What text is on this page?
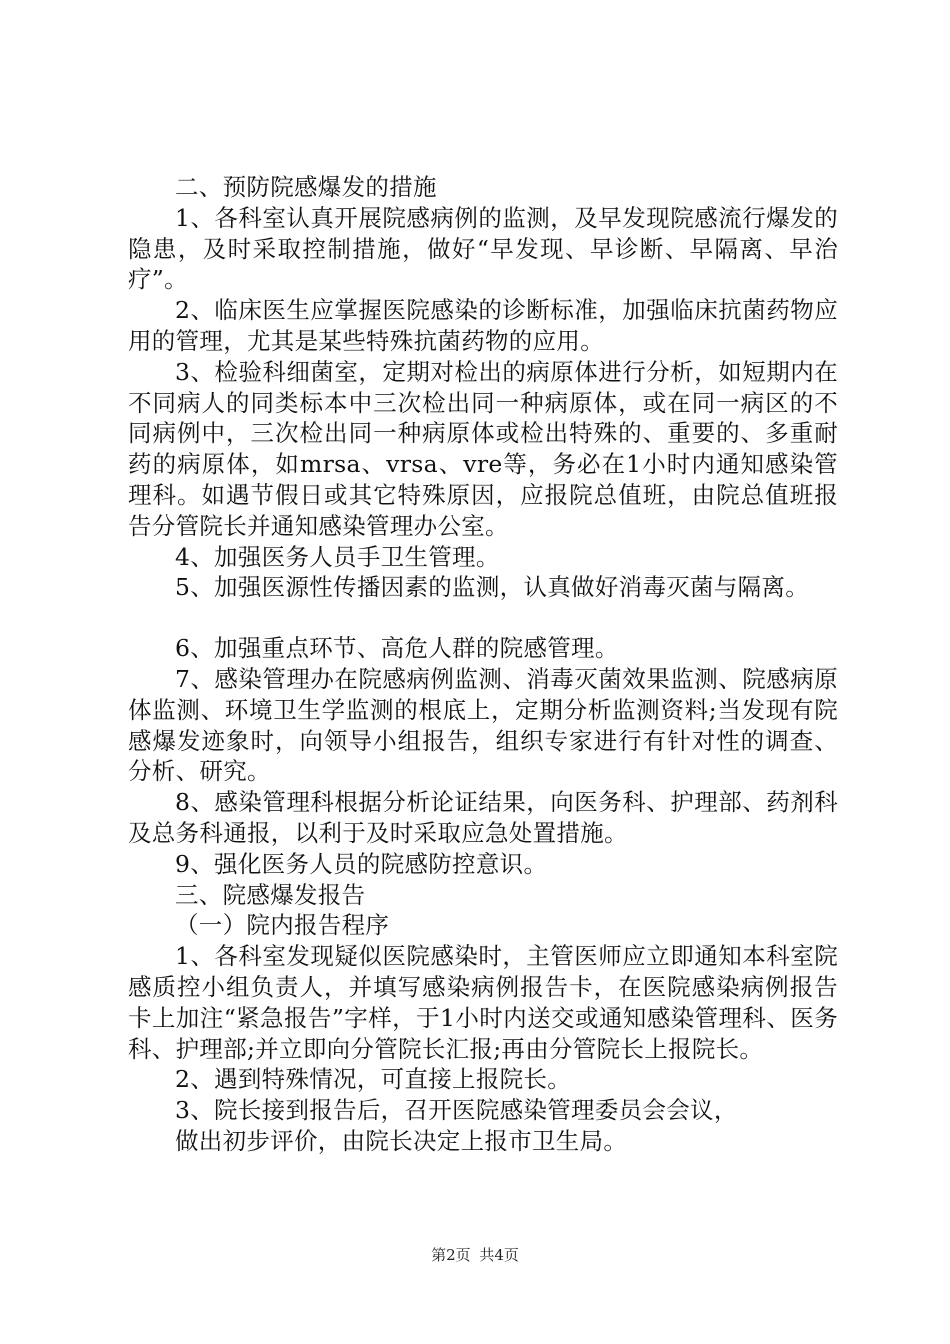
二、预防院感爆发的措施

1、各科室认真开展院感病例的监测，及早发现院感流行爆发的隐患，及时采取控制措施，做好“早发现、早诊断、早隔离、早治疗”。

2、临床医生应掌握医院感染的诊断标准，加强临床抗菌药物应用的管理，尤其是某些特殊抗菌药物的应用。

3、检验科细菌室，定期对检出的病原体进行分析，如短期内在不同病人的同类标本中三次检出同一种病原体，或在同一病区的不同病例中，三次检出同一种病原体或检出特殊的、重要的、多重耐药的病原体，如mrsa、vrsa、vre等，务必在1小时内通知感染管理科。如遇节假日或其它特殊原因，应报院总值班，由院总值班报告分管院长并通知感染管理办公室。

4、加强医务人员手卫生管理。

5、加强医源性传播因素的监测，认真做好消毒灭菌与隔离。

6、加强重点环节、高危人群的院感管理。

7、感染管理办在院感病例监测、消毒灭菌效果监测、院感病原体监测、环境卫生学监测的根底上，定期分析监测资料;当发现有院感爆发迹象时，向领导小组报告，组织专家进行有针对性的调查、分析、研究。

8、感染管理科根据分析论证结果，向医务科、护理部、药剂科及总务科通报，以利于及时采取应急处置措施。

9、强化医务人员的院感防控意识。

三、院感爆发报告

（一）院内报告程序

1、各科室发现疑似医院感染时，主管医师应立即通知本科室院感质控小组负责人，并填写感染病例报告卡，在医院感染病例报告卡上加注“紧急报告”字样，于1小时内送交或通知感染管理科、医务科、护理部;并立即向分管院长汇报;再由分管院长上报院长。

2、遇到特殊情况，可直接上报院长。

3、院长接到报告后，召开医院感染管理委员会会议，

做出初步评价，由院长决定上报市卫生局。

第2页 共4页
